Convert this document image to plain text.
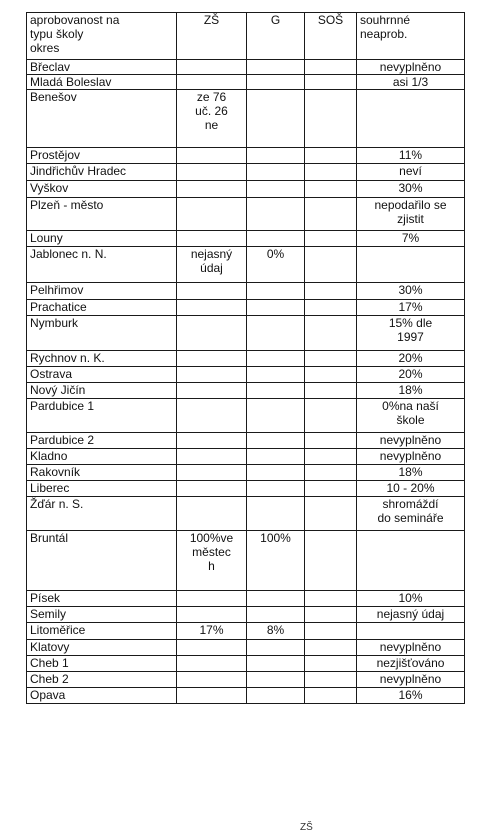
aprobovanost na
typu školy
okres	ZŠ	G	SOŠ	souhrnné
neaprob.

Břeclav				nevyplněno

Mladá Boleslav				asi 1/3

Benešov	ze 76
uč. 26
ne			

Prostějov				11%

Jindřichův Hradec				neví

Vyškov				30%

Plzeň - město				nepodařilo se
zjistit

Louny				7%

Jablonec n. N.	nejasný
údaj	0%		

Pelhřimov				30%

Prachatice				17%

Nymburk				15% dle
1997

Rychnov n. K.				20%

Ostrava				20%

Nový Jičín				18%

Pardubice 1				0%na naší
škole

Pardubice 2				nevyplněno

Kladno				nevyplněno

Rakovník				18%

Liberec				10 - 20%

Žďár n. S.				shromáždí
do semináře

Bruntál	100%ve
městec
h	100%		

Písek				10%

Semily				nejasný údaj

Litoměřice	17%	8%		

Klatovy				nevyplněno

Cheb 1				nezjišťováno

Cheb 2				nevyplněno

Opava				16%
ZŠ
